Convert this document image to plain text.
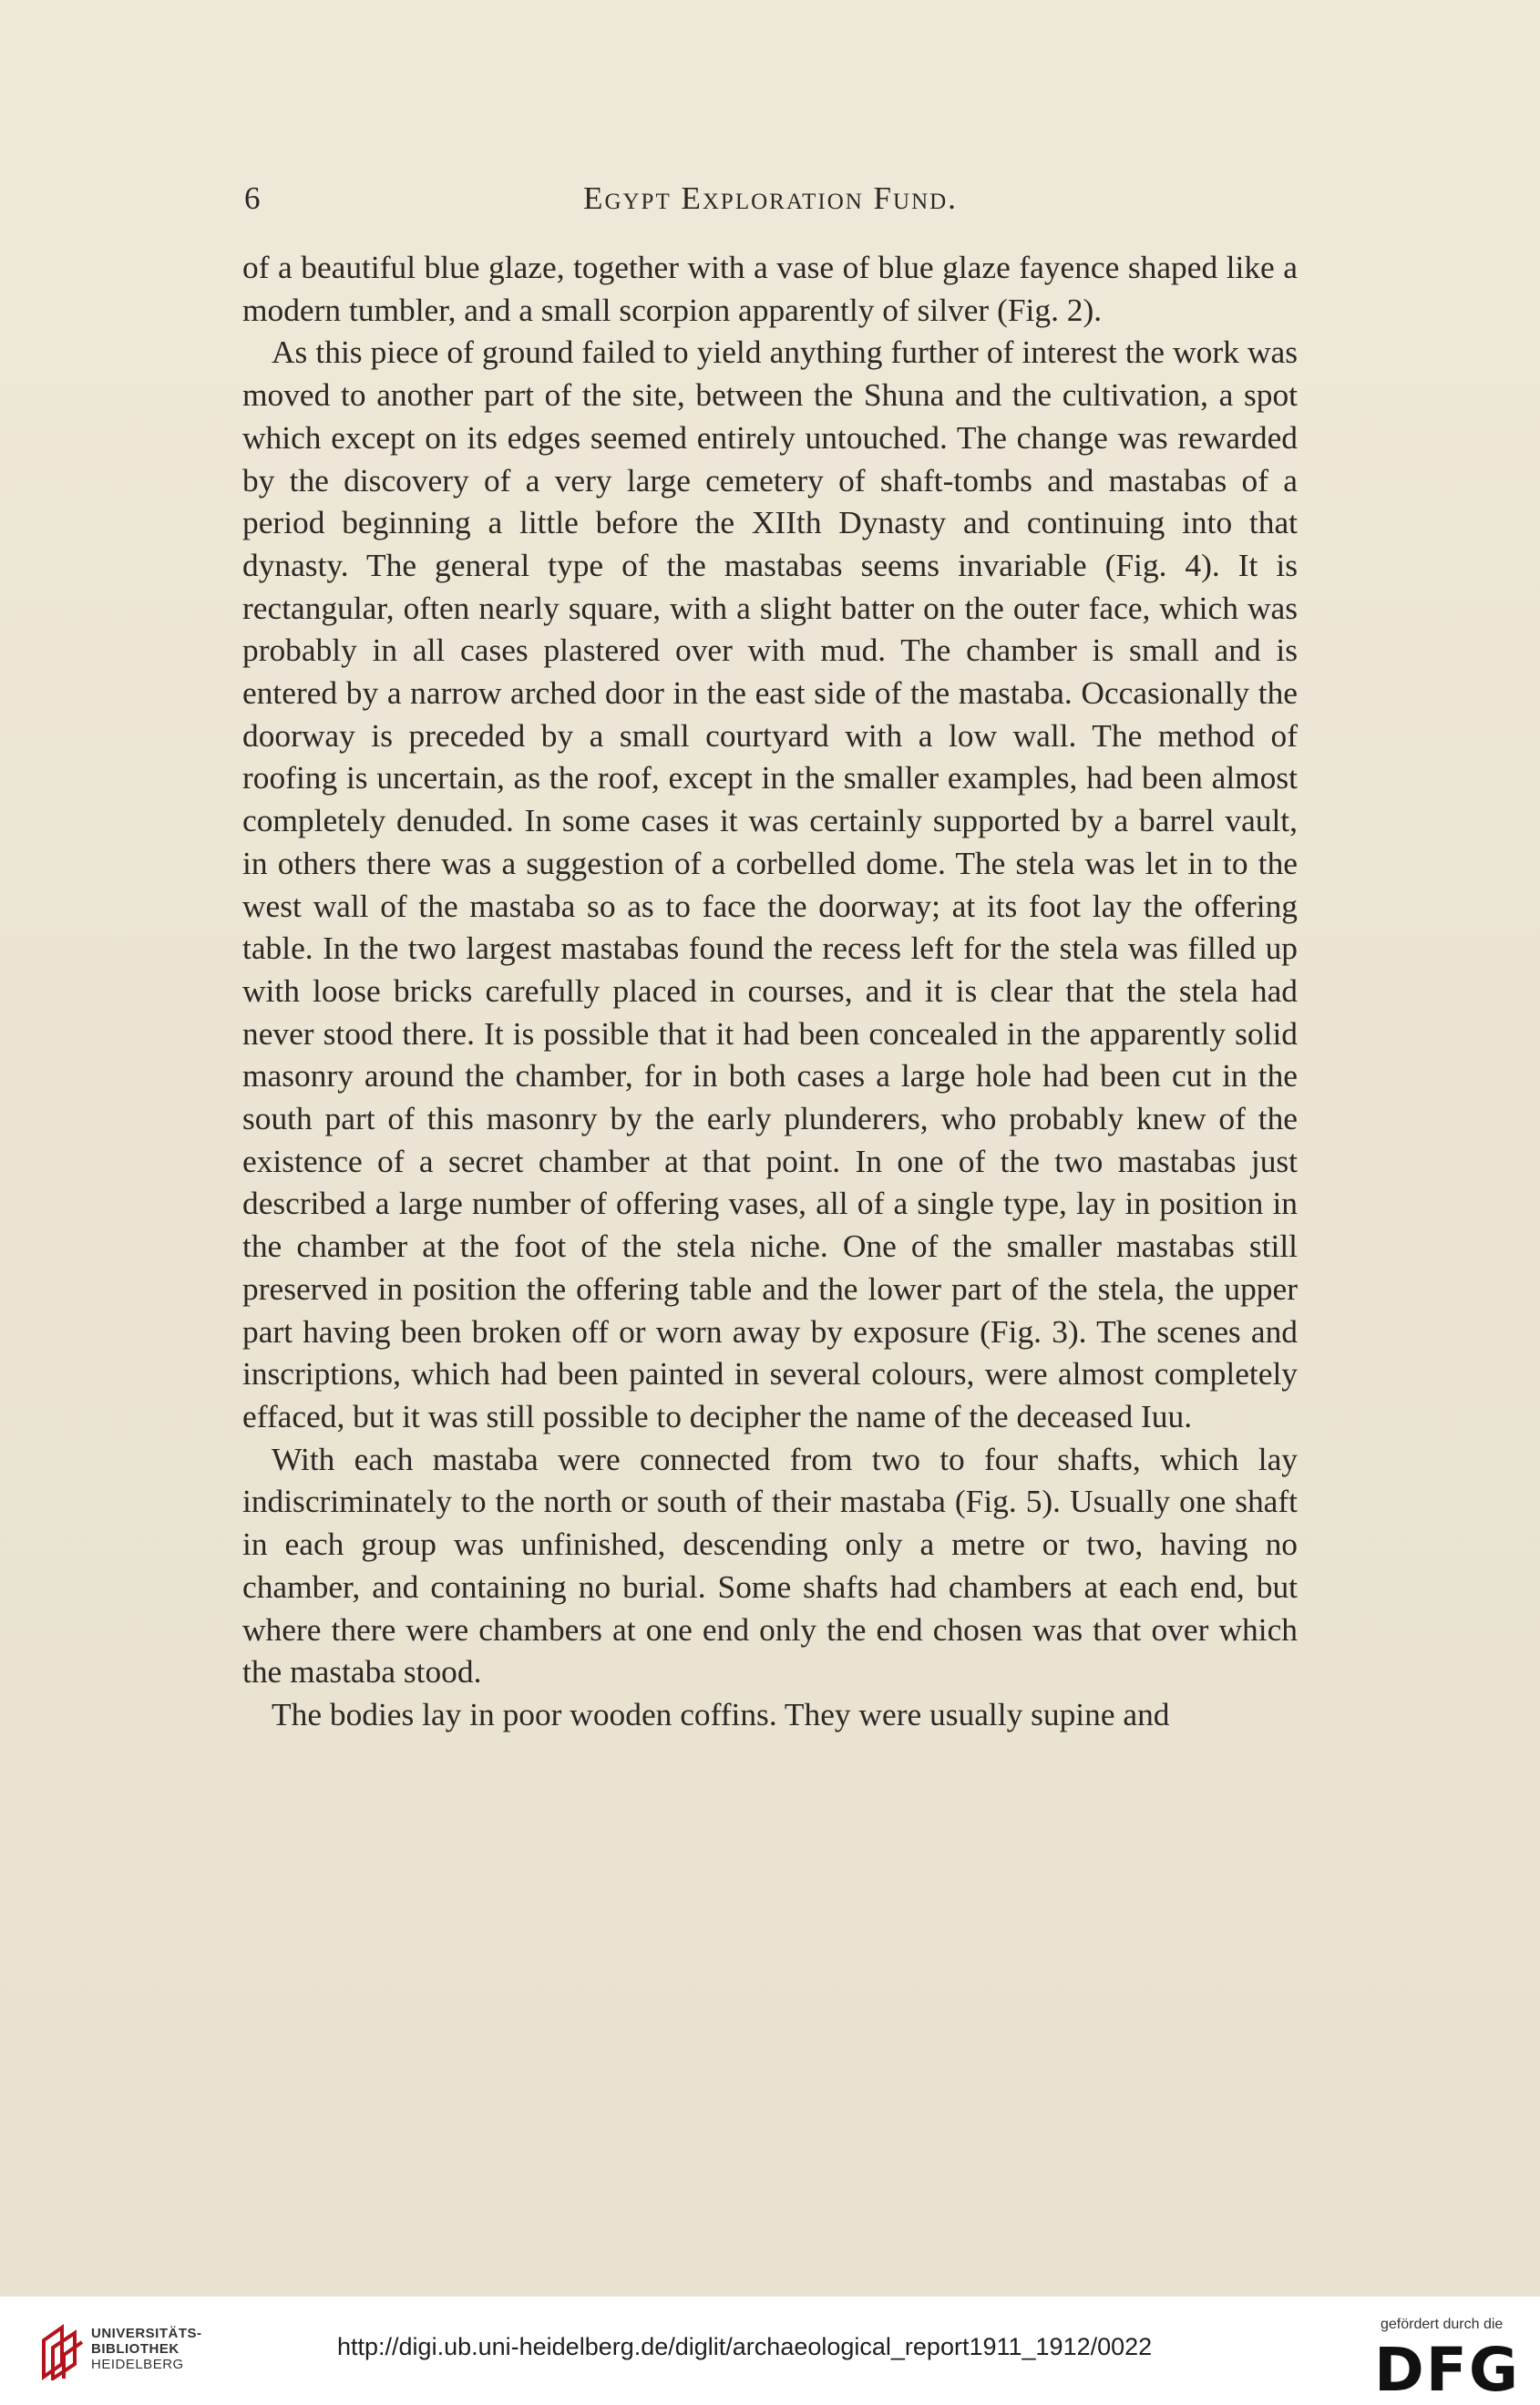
6	Egypt Exploration Fund.

of a beautiful blue glaze, together with a vase of blue glaze fayence shaped like a modern tumbler, and a small scorpion apparently of silver (Fig. 2).

As this piece of ground failed to yield anything further of interest the work was moved to another part of the site, between the Shuna and the cultivation, a spot which except on its edges seemed entirely untouched. The change was rewarded by the discovery of a very large cemetery of shaft-tombs and mastabas of a period beginning a little before the XIIth Dynasty and continuing into that dynasty. The general type of the mastabas seems invariable (Fig. 4). It is rectangular, often nearly square, with a slight batter on the outer face, which was probably in all cases plastered over with mud. The chamber is small and is entered by a narrow arched door in the east side of the mastaba. Occasionally the doorway is preceded by a small courtyard with a low wall. The method of roofing is uncertain, as the roof, except in the smaller examples, had been almost completely denuded. In some cases it was certainly supported by a barrel vault, in others there was a suggestion of a corbelled dome. The stela was let in to the west wall of the mastaba so as to face the doorway; at its foot lay the offering table. In the two largest mastabas found the recess left for the stela was filled up with loose bricks carefully placed in courses, and it is clear that the stela had never stood there. It is possible that it had been concealed in the apparently solid masonry around the chamber, for in both cases a large hole had been cut in the south part of this masonry by the early plunderers, who probably knew of the existence of a secret chamber at that point. In one of the two mastabas just described a large number of offering vases, all of a single type, lay in position in the chamber at the foot of the stela niche. One of the smaller mastabas still preserved in position the offering table and the lower part of the stela, the upper part having been broken off or worn away by exposure (Fig. 3). The scenes and inscriptions, which had been painted in several colours, were almost completely effaced, but it was still possible to decipher the name of the deceased Iuu.

With each mastaba were connected from two to four shafts, which lay indiscriminately to the north or south of their mastaba (Fig. 5). Usually one shaft in each group was unfinished, descending only a metre or two, having no chamber, and containing no burial. Some shafts had chambers at each end, but where there were chambers at one end only the end chosen was that over which the mastaba stood.

The bodies lay in poor wooden coffins. They were usually supine and

UNIVERSITÄTS-
BIBLIOTHEK
HEIDELBERG
http://digi.ub.uni-heidelberg.de/diglit/archaeological_report1911_1912/0022
gefördert durch die
DFG
